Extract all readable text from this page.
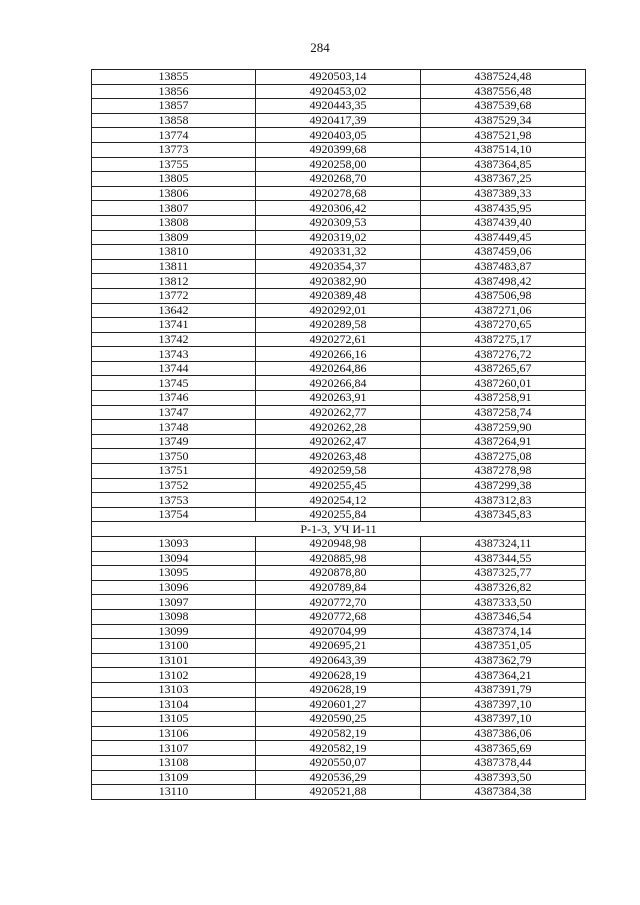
284
13855	4920503,14	4387524,48
13856	4920453,02	4387556,48
13857	4920443,35	4387539,68
13858	4920417,39	4387529,34
13774	4920403,05	4387521,98
13773	4920399,68	4387514,10
13755	4920258,00	4387364,85
13805	4920268,70	4387367,25
13806	4920278,68	4387389,33
13807	4920306,42	4387435,95
13808	4920309,53	4387439,40
13809	4920319,02	4387449,45
13810	4920331,32	4387459,06
13811	4920354,37	4387483,87
13812	4920382,90	4387498,42
13772	4920389,48	4387506,98
13642	4920292,01	4387271,06
13741	4920289,58	4387270,65
13742	4920272,61	4387275,17
13743	4920266,16	4387276,72
13744	4920264,86	4387265,67
13745	4920266,84	4387260,01
13746	4920263,91	4387258,91
13747	4920262,77	4387258,74
13748	4920262,28	4387259,90
13749	4920262,47	4387264,91
13750	4920263,48	4387275,08
13751	4920259,58	4387278,98
13752	4920255,45	4387299,38
13753	4920254,12	4387312,83
13754	4920255,84	4387345,83
Р-1-3, УЧ И-11		
13093	4920948,98	4387324,11
13094	4920885,98	4387344,55
13095	4920878,80	4387325,77
13096	4920789,84	4387326,82
13097	4920772,70	4387333,50
13098	4920772,68	4387346,54
13099	4920704,99	4387374,14
13100	4920695,21	4387351,05
13101	4920643,39	4387362,79
13102	4920628,19	4387364,21
13103	4920628,19	4387391,79
13104	4920601,27	4387397,10
13105	4920590,25	4387397,10
13106	4920582,19	4387386,06
13107	4920582,19	4387365,69
13108	4920550,07	4387378,44
13109	4920536,29	4387393,50
13110	4920521,88	4387384,38
